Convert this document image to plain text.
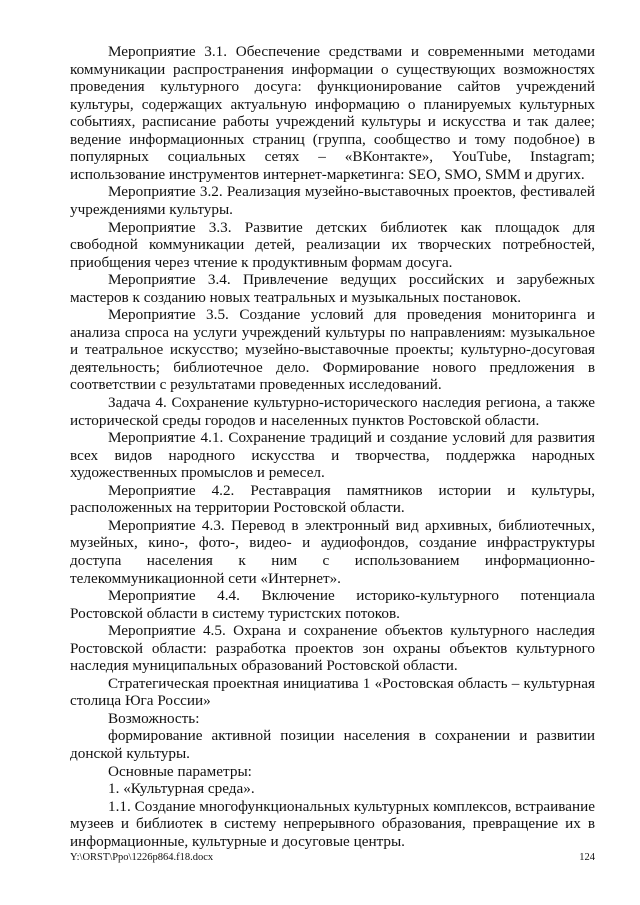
Мероприятие 3.1. Обеспечение средствами и современными методами
коммуникации распространения информации о существующих возможностях
проведения культурного досуга: функционирование сайтов учреждений
культуры, содержащих актуальную информацию о планируемых культурных
событиях, расписание работы учреждений культуры и искусства и так далее;
ведение информационных страниц (группа, сообщество и тому подобное) в
популярных социальных сетях – «ВКонтакте», YouTube, Instagram;
использование инструментов интернет-маркетинга: SEO, SMO, SMM и других.
Мероприятие 3.2. Реализация музейно-выставочных проектов, фестивалей
учреждениями культуры.
Мероприятие 3.3. Развитие детских библиотек как площадок для
свободной коммуникации детей, реализации их творческих потребностей,
приобщения через чтение к продуктивным формам досуга.
Мероприятие 3.4. Привлечение ведущих российских и зарубежных
мастеров к созданию новых театральных и музыкальных постановок.
Мероприятие 3.5. Создание условий для проведения мониторинга и
анализа спроса на услуги учреждений культуры по направлениям: музыкальное
и театральное искусство; музейно-выставочные проекты; культурно-досуговая
деятельность; библиотечное дело. Формирование нового предложения в
соответствии с результатами проведенных исследований.
Задача 4. Сохранение культурно-исторического наследия региона, а также
исторической среды городов и населенных пунктов Ростовской области.
Мероприятие 4.1. Сохранение традиций и создание условий для развития
всех видов народного искусства и творчества, поддержка народных
художественных промыслов и ремесел.
Мероприятие 4.2. Реставрация памятников истории и культуры,
расположенных на территории Ростовской области.
Мероприятие 4.3. Перевод в электронный вид архивных, библиотечных,
музейных, кино-, фото-, видео- и аудиофондов, создание инфраструктуры
доступа населения к ним с использованием информационно-
телекоммуникационной сети «Интернет».
Мероприятие 4.4. Включение историко-культурного потенциала
Ростовской области в систему туристских потоков.
Мероприятие 4.5. Охрана и сохранение объектов культурного наследия
Ростовской области: разработка проектов зон охраны объектов культурного
наследия муниципальных образований Ростовской области.
Стратегическая проектная инициатива 1 «Ростовская область – культурная
столица Юга России»
Возможность:
формирование активной позиции населения в сохранении и развитии
донской культуры.
Основные параметры:
1. «Культурная среда».
1.1. Создание многофункциональных культурных комплексов, встраивание
музеев и библиотек в систему непрерывного образования, превращение их в
информационные, культурные и досуговые центры.
Y:\ORST\Ppo\1226p864.f18.docx	124
